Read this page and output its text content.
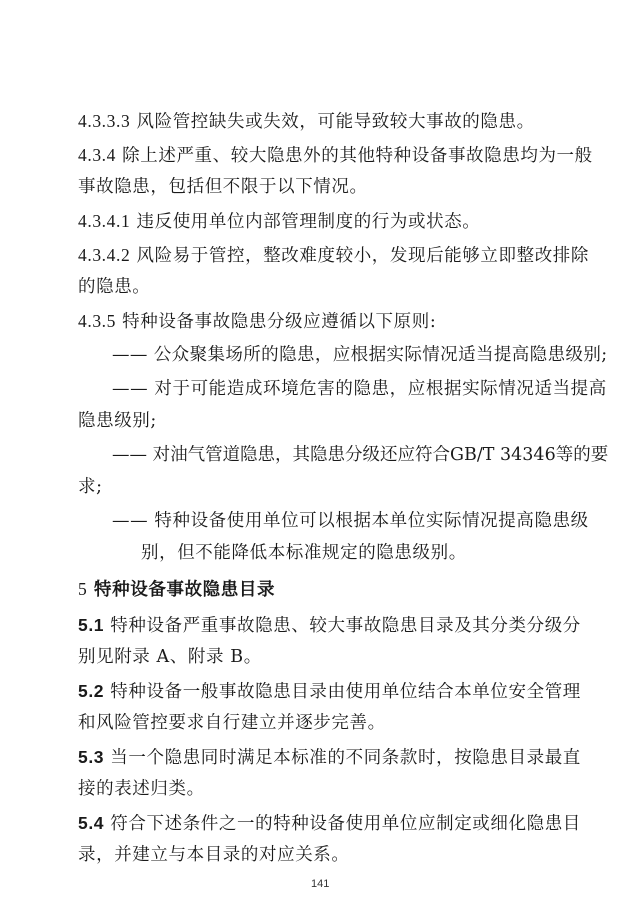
4.3.3.3 风险管控缺失或失效，可能导致较大事故的隐患。
4.3.4 除上述严重、较大隐患外的其他特种设备事故隐患均为一般
事故隐患，包括但不限于以下情况。
4.3.4.1 违反使用单位内部管理制度的行为或状态。
4.3.4.2 风险易于管控，整改难度较小，发现后能够立即整改排除
的隐患。
4.3.5 特种设备事故隐患分级应遵循以下原则:
—— 公众聚集场所的隐患，应根据实际情况适当提高隐患级别;
—— 对于可能造成环境危害的隐患，应根据实际情况适当提高
隐患级别;
—— 对油气管道隐患，其隐患分级还应符合GB/T 34346等的要
求;
—— 特种设备使用单位可以根据本单位实际情况提高隐患级
别，但不能降低本标准规定的隐患级别。
5 特种设备事故隐患目录
5.1 特种设备严重事故隐患、较大事故隐患目录及其分类分级分
别见附录 A、附录 B。
5.2 特种设备一般事故隐患目录由使用单位结合本单位安全管理
和风险管控要求自行建立并逐步完善。
5.3 当一个隐患同时满足本标准的不同条款时，按隐患目录最直
接的表述归类。
5.4 符合下述条件之一的特种设备使用单位应制定或细化隐患目
录，并建立与本目录的对应关系。
141
